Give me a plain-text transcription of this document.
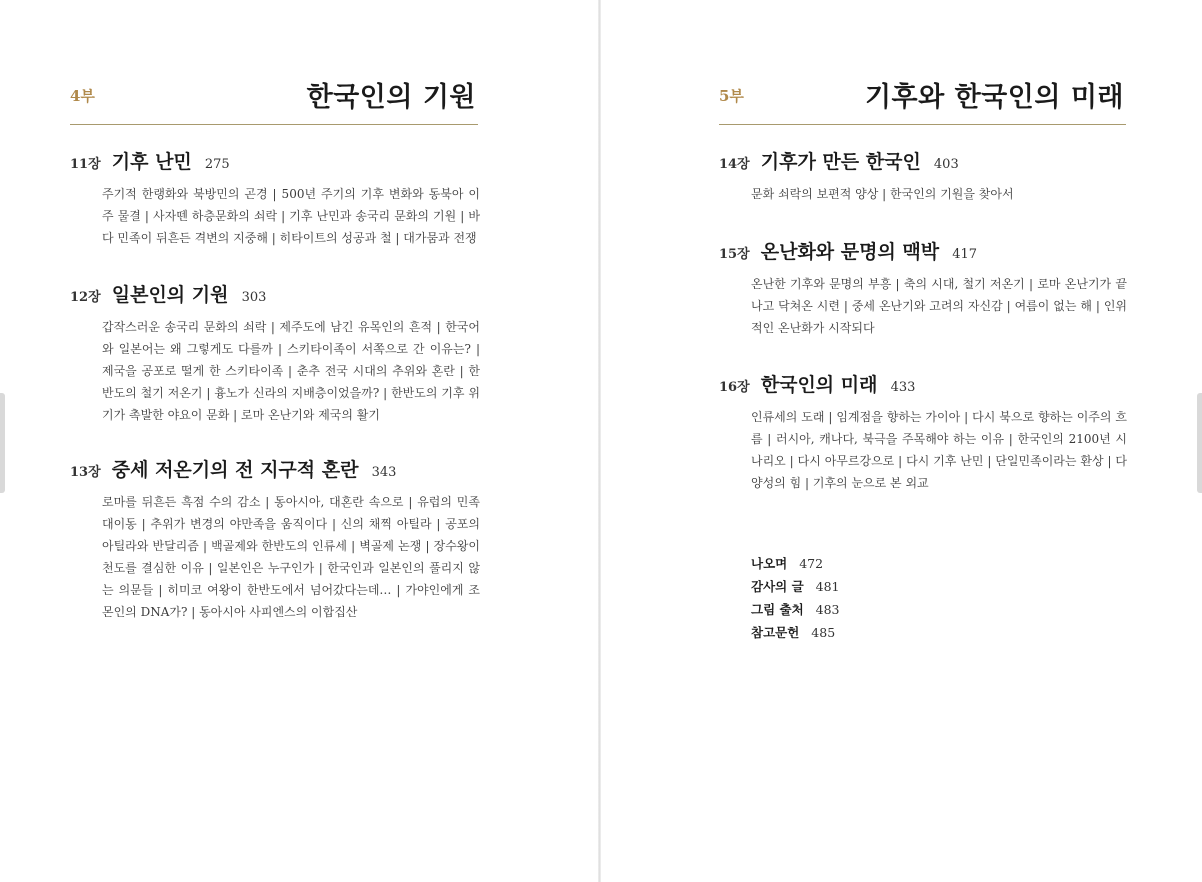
4부	한국인의 기원
11장 기후 난민 275
주기적 한랭화와 북방민의 곤경 | 500년 주기의 기후 변화와 동북아 이주 물결 | 사자뗀 하층문화의 쇠락 | 기후 난민과 송국리 문화의 기원 | 바다 민족이 뒤흔든 격변의 지중해 | 히타이트의 성공과 철 | 대가뭄과 전쟁
12장 일본인의 기원 303
갑작스러운 송국리 문화의 쇠락 | 제주도에 남긴 유목인의 흔적 | 한국어와 일본어는 왜 그렇게도 다를까 | 스키타이족이 서쪽으로 간 이유는? | 제국을 공포로 떨게 한 스키타이족 | 춘추 전국 시대의 추위와 혼란 | 한반도의 철기 저온기 | 흉노가 신라의 지배층이었을까? | 한반도의 기후 위기가 촉발한 야요이 문화 | 로마 온난기와 제국의 활기
13장 중세 저온기의 전 지구적 혼란 343
로마를 뒤흔든 흑점 수의 감소 | 동아시아, 대혼란 속으로 | 유럽의 민족 대이동 | 추위가 변경의 야만족을 움직이다 | 신의 채찍 아틸라 | 공포의 아틸라와 반달리즘 | 백골제와 한반도의 인류세 | 벽골제 논쟁 | 장수왕이 천도를 결심한 이유 | 일본인은 누구인가 | 한국인과 일본인의 풀리지 않는 의문들 | 히미코 여왕이 한반도에서 넘어갔다는데… | 가야인에게 조몬인의 DNA가? | 동아시아 사피엔스의 이합집산
5부	기후와 한국인의 미래
14장 기후가 만든 한국인 403
문화 쇠락의 보편적 양상 | 한국인의 기원을 찾아서
15장 온난화와 문명의 맥박 417
온난한 기후와 문명의 부흥 | 축의 시대, 철기 저온기 | 로마 온난기가 끝나고 닥쳐온 시련 | 중세 온난기와 고려의 자신감 | 여름이 없는 해 | 인위적인 온난화가 시작되다
16장 한국인의 미래 433
인류세의 도래 | 임계점을 향하는 가이아 | 다시 북으로 향하는 이주의 흐름 | 러시아, 캐나다, 북극을 주목해야 하는 이유 | 한국인의 2100년 시나리오 | 다시 아무르강으로 | 다시 기후 난민 | 단일민족이라는 환상 | 다양성의 힘 | 기후의 눈으로 본 외교
나오며 472
감사의 글 481
그림 출처 483
참고문헌 485
